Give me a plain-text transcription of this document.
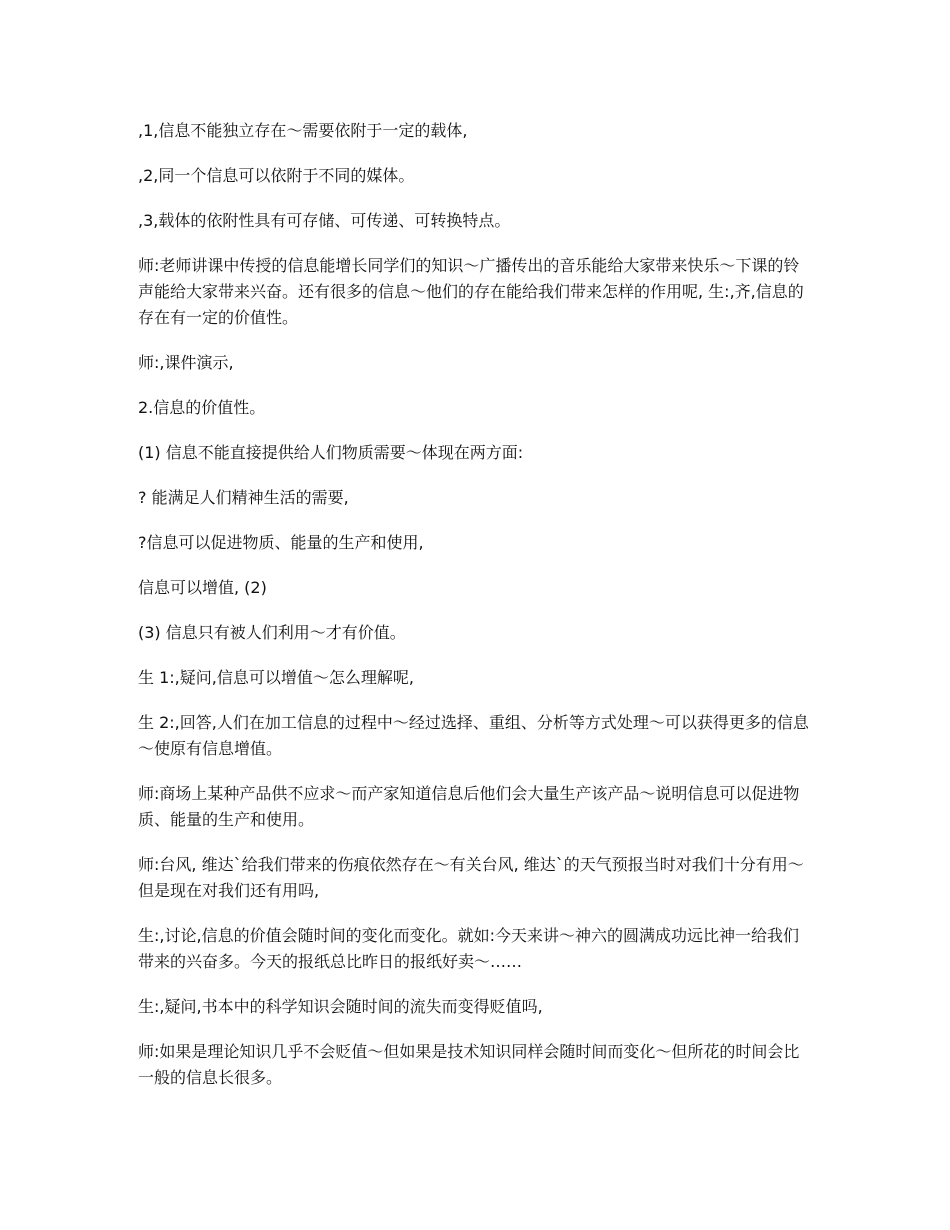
,1,信息不能独立存在～需要依附于一定的载体,

,2,同一个信息可以依附于不同的媒体。

,3,载体的依附性具有可存储、可传递、可转换特点。

师:老师讲课中传授的信息能增长同学们的知识～广播传出的音乐能给大家带来快乐～下课的铃声能给大家带来兴奋。还有很多的信息～他们的存在能给我们带来怎样的作用呢, 生:,齐,信息的存在有一定的价值性。

师:,课件演示,

2.信息的价值性。

(1) 信息不能直接提供给人们物质需要～体现在两方面:

? 能满足人们精神生活的需要,

?信息可以促进物质、能量的生产和使用,

信息可以增值, (2)

(3) 信息只有被人们利用～才有价值。

生 1:,疑问,信息可以增值～怎么理解呢,

生 2:,回答,人们在加工信息的过程中～经过选择、重组、分析等方式处理～可以获得更多的信息～使原有信息增值。

师:商场上某种产品供不应求～而产家知道信息后他们会大量生产该产品～说明信息可以促进物质、能量的生产和使用。

师:台风, 维达`给我们带来的伤痕依然存在～有关台风, 维达`的天气预报当时对我们十分有用～但是现在对我们还有用吗,

生:,讨论,信息的价值会随时间的变化而变化。就如:今天来讲～神六的圆满成功远比神一给我们带来的兴奋多。今天的报纸总比昨日的报纸好卖～……

生:,疑问,书本中的科学知识会随时间的流失而变得贬值吗,

师:如果是理论知识几乎不会贬值～但如果是技术知识同样会随时间而变化～但所花的时间会比一般的信息长很多。
